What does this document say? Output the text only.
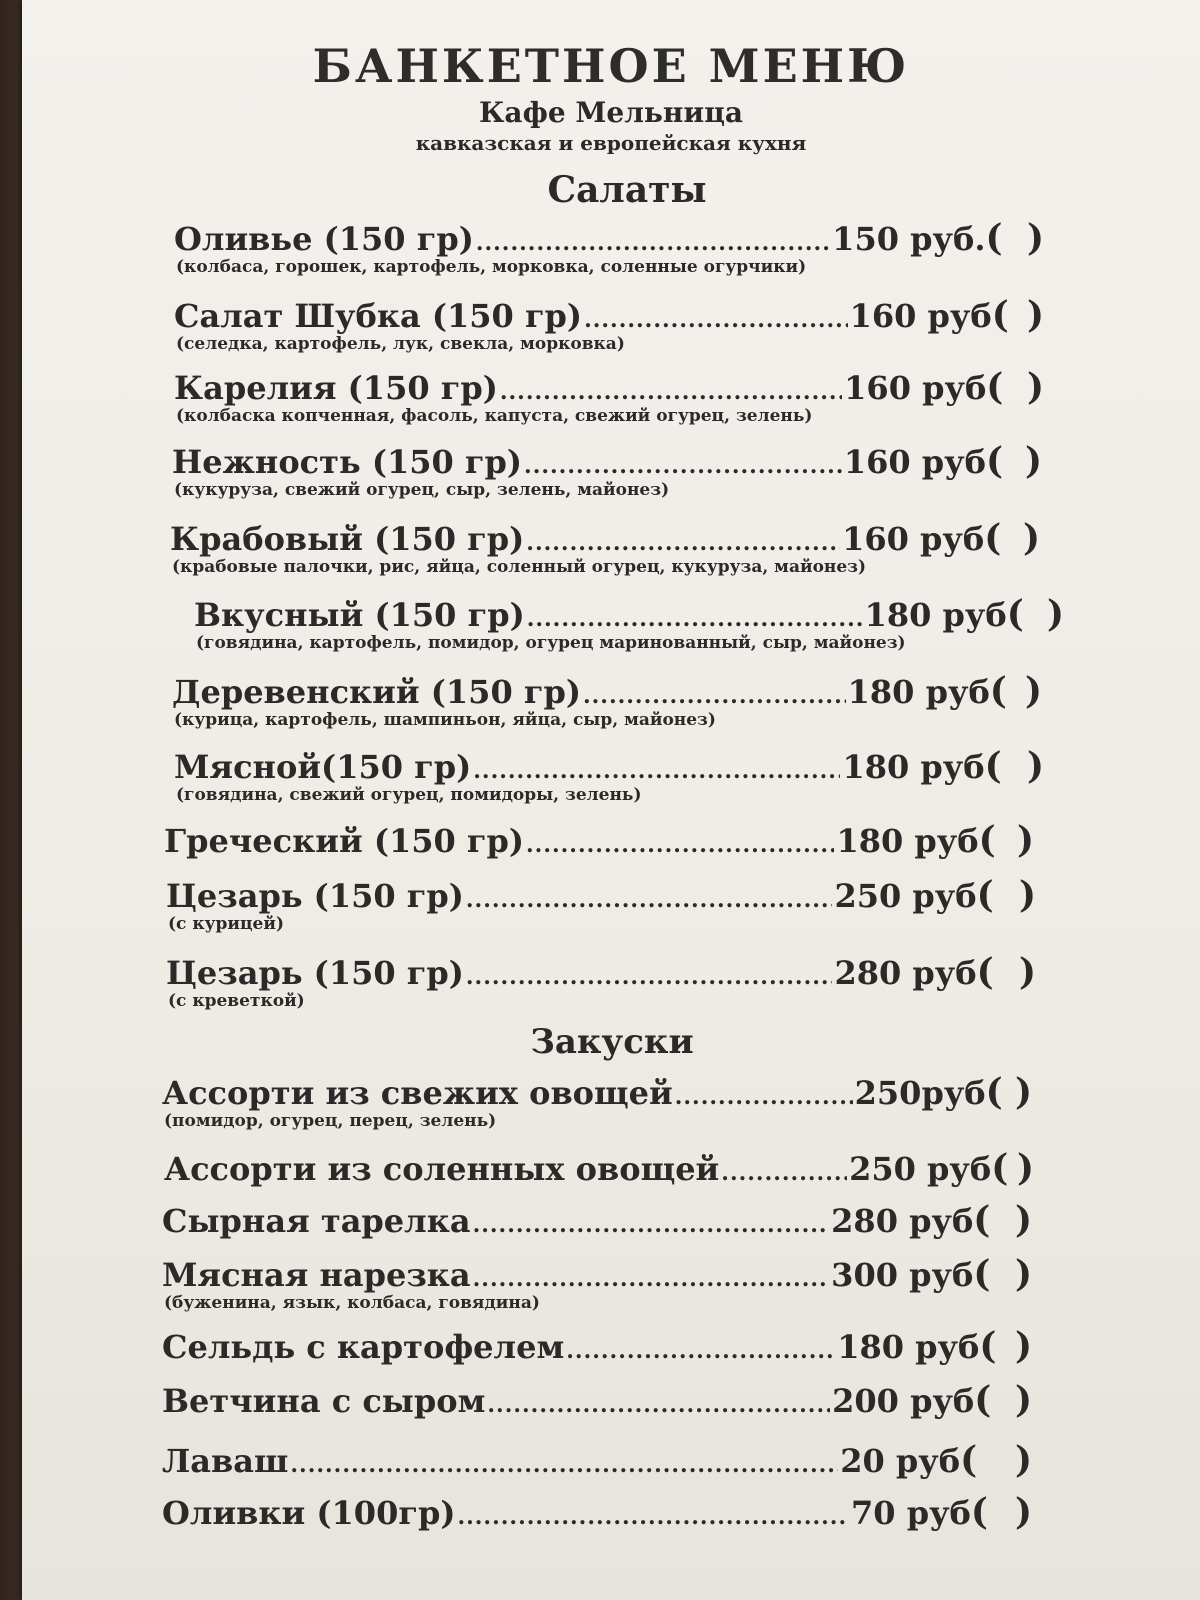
БАНКЕТНОЕ МЕНЮ

Кафе Мельница

кавказская и европейская кухня

Салаты
Оливье (150 гр) .....	150 руб. ( )
(колбаса, горошек, картофель, морковка, соленные огурчики)
Салат Шубка (150 гр) .....	160 руб ( )
(селедка, картофель, лук, свекла, морковка)
Карелия (150 гр) .....	160 руб ( )
(колбаска копченная, фасоль, капуста, свежий огурец, зелень)
Нежность (150 гр) .....	160 руб ( )
(кукуруза, свежий огурец, сыр, зелень, майонез)
Крабовый (150 гр) .....	160 руб ( )
(крабовые палочки, рис, яйца, соленный огурец, кукуруза, майонез)
Вкусный (150 гр) .....	180 руб ( )
(говядина, картофель, помидор, огурец маринованный, сыр, майонез)
Деревенский (150 гр) .....	180 руб ( )
(курица, картофель, шампиньон, яйца, сыр, майонез)
Мясной(150 гр) .....	180 руб ( )
(говядина, свежий огурец, помидоры, зелень)
Греческий (150 гр) .....	180 руб ( )
Цезарь (150 гр) .....	250 руб ( )
(с курицей)
Цезарь (150 гр) .....	280 руб ( )
(с креветкой)
Закуски
Ассорти из свежих овощей .....	250руб ( )
(помидор, огурец, перец, зелень)
Ассорти из соленных овощей .....	250 руб ( )
Сырная тарелка .....	280 руб ( )
Мясная нарезка .....	300 руб ( )
(буженина, язык, колбаса, говядина)
Сельдь с картофелем .....	180 руб ( )
Ветчина с сыром .....	200 руб ( )
Лаваш .....	20 руб ( )
Оливки (100гр) .....	70 руб ( )
